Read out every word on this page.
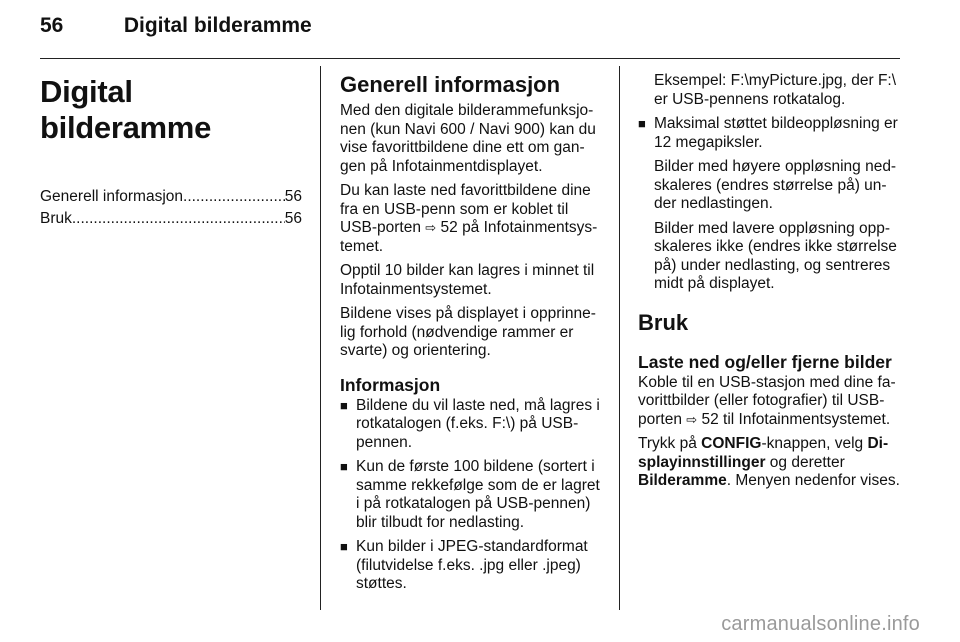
56	Digital bilderamme
Digital bilderamme
Generell informasjon .....	56
Bruk .....	56
Generell informasjon

Med den digitale bilderammefunksjo- nen (kun Navi 600 / Navi 900) kan du vise favorittbildene dine ett om gan- gen på Infotainmentdisplayet.

Du kan laste ned favorittbildene dine fra en USB-penn som er koblet til USB-porten ⇨ 52 på Infotainmentsys- temet.

Opptil 10 bilder kan lagres i minnet til Infotainmentsystemet.

Bildene vises på displayet i opprinne- lig forhold (nødvendige rammer er svarte) og orientering.

Informasjon
■ Bildene du vil laste ned, må lagres i rotkatalogen (f.eks. F:\) på USB- pennen.
■ Kun de første 100 bildene (sortert i samme rekkefølge som de er lagret i på rotkatalogen på USB-pennen) blir tilbudt for nedlasting.
■ Kun bilder i JPEG-standardformat (filutvidelse f.eks. .jpg eller .jpeg) støttes.

Eksempel: F:\myPicture.jpg, der F:\ er USB-pennens rotkatalog.

■ Maksimal støttet bildeoppløsning er 12 megapiksler.

Bilder med høyere oppløsning ned- skaleres (endres størrelse på) un- der nedlastingen.

Bilder med lavere oppløsning opp- skaleres ikke (endres ikke størrelse på) under nedlasting, og sentreres midt på displayet.

Bruk
Laste ned og/eller fjerne bilder

Koble til en USB-stasjon med dine fa- vorittbilder (eller fotografier) til USB- porten ⇨ 52 til Infotainmentsystemet.

Trykk på CONFIG-knappen, velg Di- splayinnstillinger og deretter Bilderamme. Menyen nedenfor vises.

carmanualsonline.info
